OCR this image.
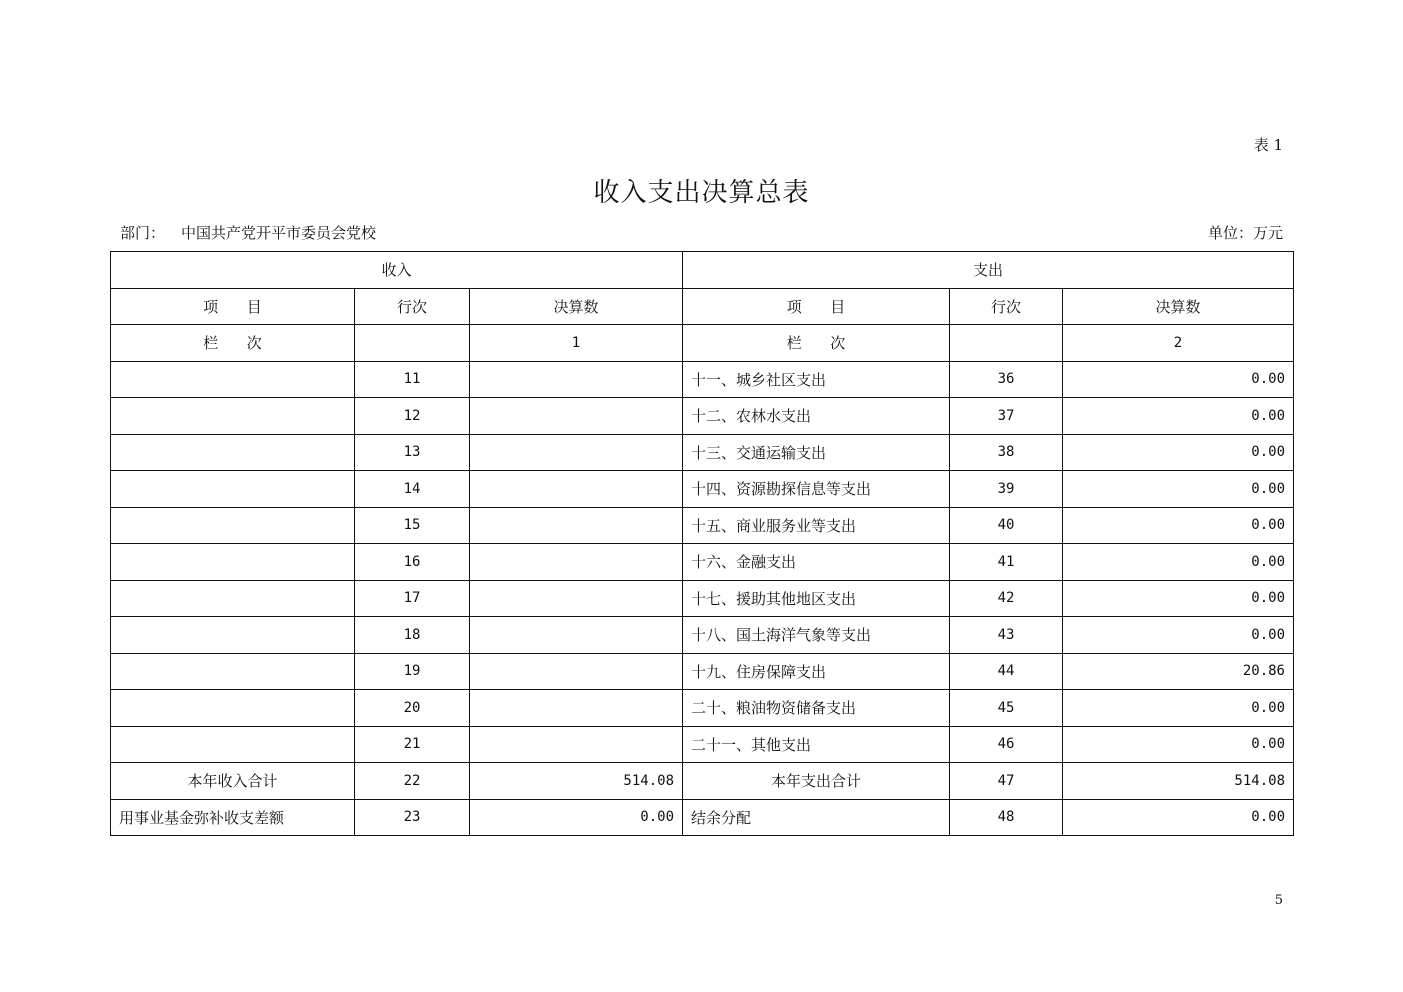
表 1
收入支出决算总表
部门： 中国共产党开平市委员会党校	单位：万元
收入			支出		
项      目	行次	决算数	项      目	行次	决算数
栏      次		1	栏      次		2
	11		十一、城乡社区支出	36	0.00
	12		十二、农林水支出	37	0.00
	13		十三、交通运输支出	38	0.00
	14		十四、资源勘探信息等支出	39	0.00
	15		十五、商业服务业等支出	40	0.00
	16		十六、金融支出	41	0.00
	17		十七、援助其他地区支出	42	0.00
	18		十八、国土海洋气象等支出	43	0.00
	19		十九、住房保障支出	44	20.86
	20		二十、粮油物资储备支出	45	0.00
	21		二十一、其他支出	46	0.00
本年收入合计	22	514.08	本年支出合计	47	514.08
用事业基金弥补收支差额	23	0.00	结余分配	48	0.00
5
